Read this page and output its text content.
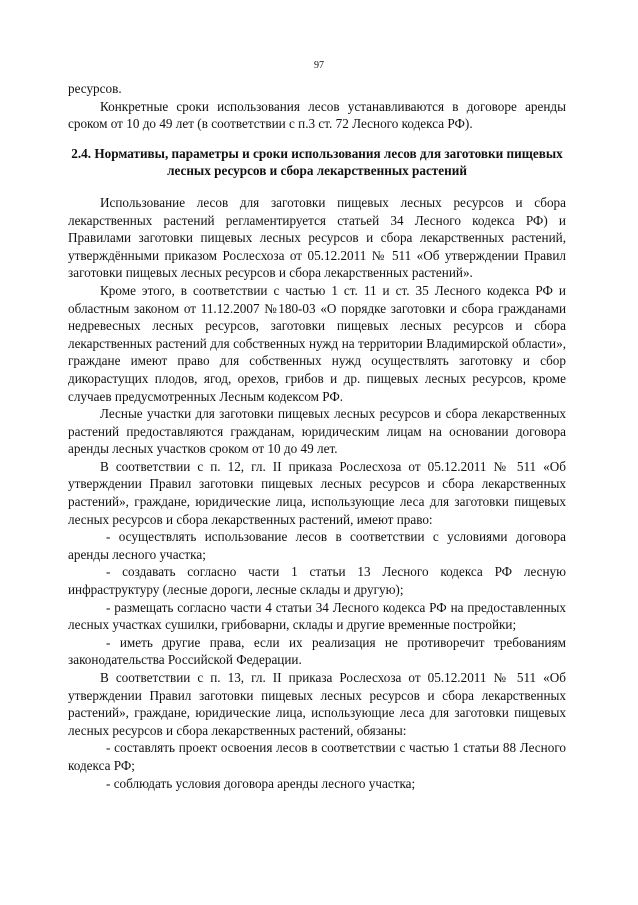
97

ресурсов.

Конкретные сроки использования лесов устанавливаются в договоре аренды сроком от 10 до 49 лет (в соответствии с п.3 ст. 72 Лесного кодекса РФ).

2.4. Нормативы, параметры и сроки использования лесов для заготовки пищевых лесных ресурсов и сбора лекарственных растений

Использование лесов для заготовки пищевых лесных ресурсов и сбора лекарственных растений регламентируется статьей 34 Лесного кодекса РФ) и Правилами заготовки пищевых лесных ресурсов и сбора лекарственных растений, утверждёнными приказом Рослесхоза от 05.12.2011 № 511 «Об утверждении Правил заготовки пищевых лесных ресурсов и сбора лекарственных растений».

Кроме этого, в соответствии с частью 1 ст. 11 и ст. 35 Лесного кодекса РФ и областным законом от 11.12.2007 №180-03 «О порядке заготовки и сбора гражданами недревесных лесных ресурсов, заготовки пищевых лесных ресурсов и сбора лекарственных растений для собственных нужд на территории Владимирской области», граждане имеют право для собственных нужд осуществлять заготовку и сбор дикорастущих плодов, ягод, орехов, грибов и др. пищевых лесных ресурсов, кроме случаев предусмотренных Лесным кодексом РФ.

Лесные участки для заготовки пищевых лесных ресурсов и сбора лекарственных растений предоставляются гражданам, юридическим лицам на основании договора аренды лесных участков сроком от 10 до 49 лет.

В соответствии с п. 12, гл. II приказа Рослесхоза от 05.12.2011 № 511 «Об утверждении Правил заготовки пищевых лесных ресурсов и сбора лекарственных растений», граждане, юридические лица, использующие леса для заготовки пищевых лесных ресурсов и сбора лекарственных растений, имеют право:

- осуществлять использование лесов в соответствии с условиями договора аренды лесного участка;

- создавать согласно части 1 статьи 13 Лесного кодекса РФ лесную инфраструктуру (лесные дороги, лесные склады и другую);

- размещать согласно части 4 статьи 34 Лесного кодекса РФ на предоставленных лесных участках сушилки, грибоварни, склады и другие временные постройки;

- иметь другие права, если их реализация не противоречит требованиям законодательства Российской Федерации.

В соответствии с п. 13, гл. II приказа Рослесхоза от 05.12.2011 № 511 «Об утверждении Правил заготовки пищевых лесных ресурсов и сбора лекарственных растений», граждане, юридические лица, использующие леса для заготовки пищевых лесных ресурсов и сбора лекарственных растений, обязаны:

- составлять проект освоения лесов в соответствии с частью 1 статьи 88 Лесного кодекса РФ;

- соблюдать условия договора аренды лесного участка;
